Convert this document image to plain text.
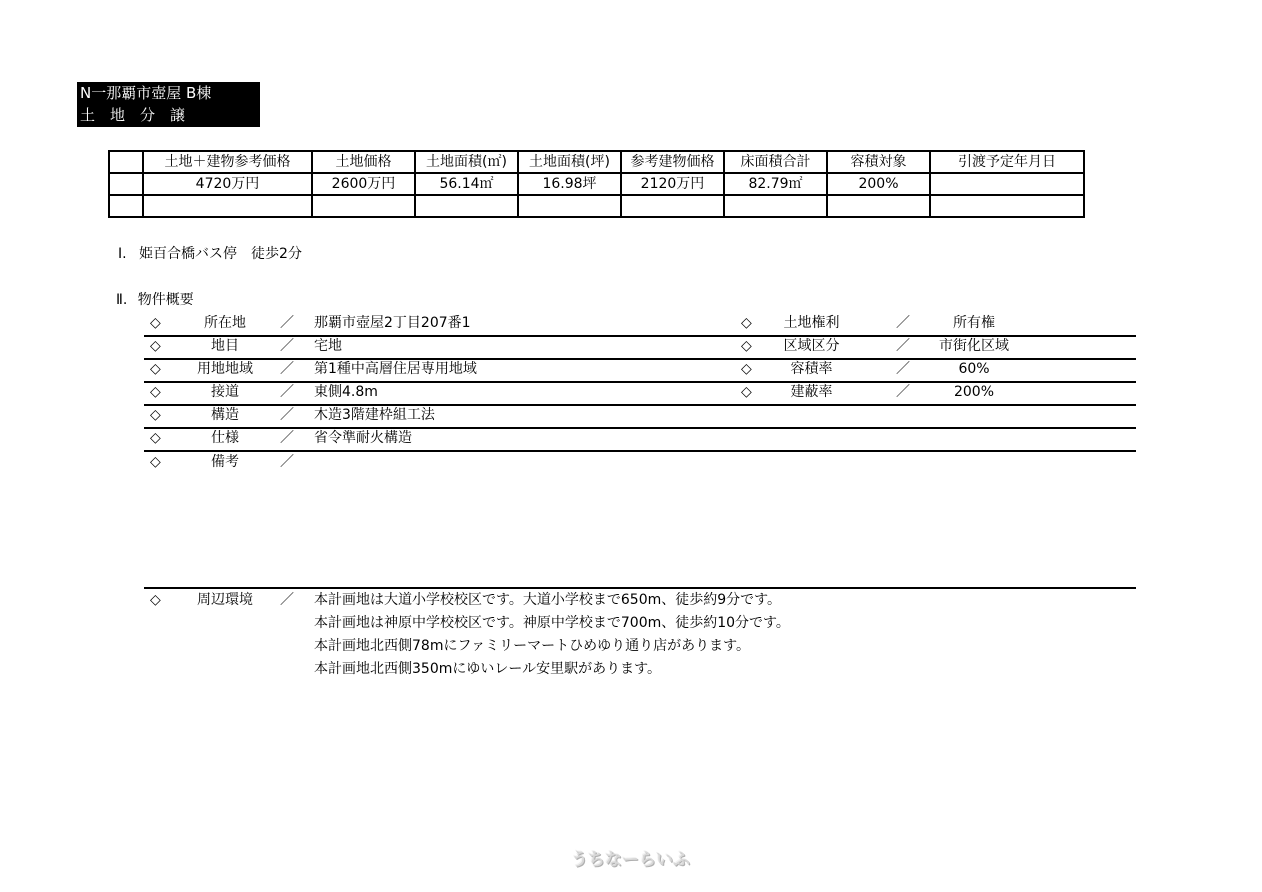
N一那覇市壺屋 B棟
土　地　分　譲
	土地＋建物参考価格	土地価格	土地面積(㎡)	土地面積(坪)	参考建物価格	床面積合計	容積対象	引渡予定年月日
	4720万円	2600万円	56.14㎡	16.98坪	2120万円	82.79㎡	200%	

Ⅰ. 姫百合橋バス停　徒歩2分
Ⅱ. 物件概要
◇	所在地	／ 那覇市壺屋2丁目207番1	◇	土地権利	／	所有権
◇	地目	／ 宅地	◇	区域区分	／	市街化区域
◇	用地地域	／ 第1種中高層住居専用地域	◇	容積率	／	60%
◇	接道	／ 東側4.8m	◇	建蔽率	／	200%
◇	構造	／ 木造3階建枠組工法
◇	仕様	／ 省令準耐火構造
◇	備考	／
◇	周辺環境	／ 本計画地は大道小学校校区です。大道小学校まで650m、徒歩約9分です。
本計画地は神原中学校校区です。神原中学校まで700m、徒歩約10分です。
本計画地北西側78mにファミリーマートひめゆり通り店があります。
本計画地北西側350mにゆいレール安里駅があります。
うちなーらいふ
